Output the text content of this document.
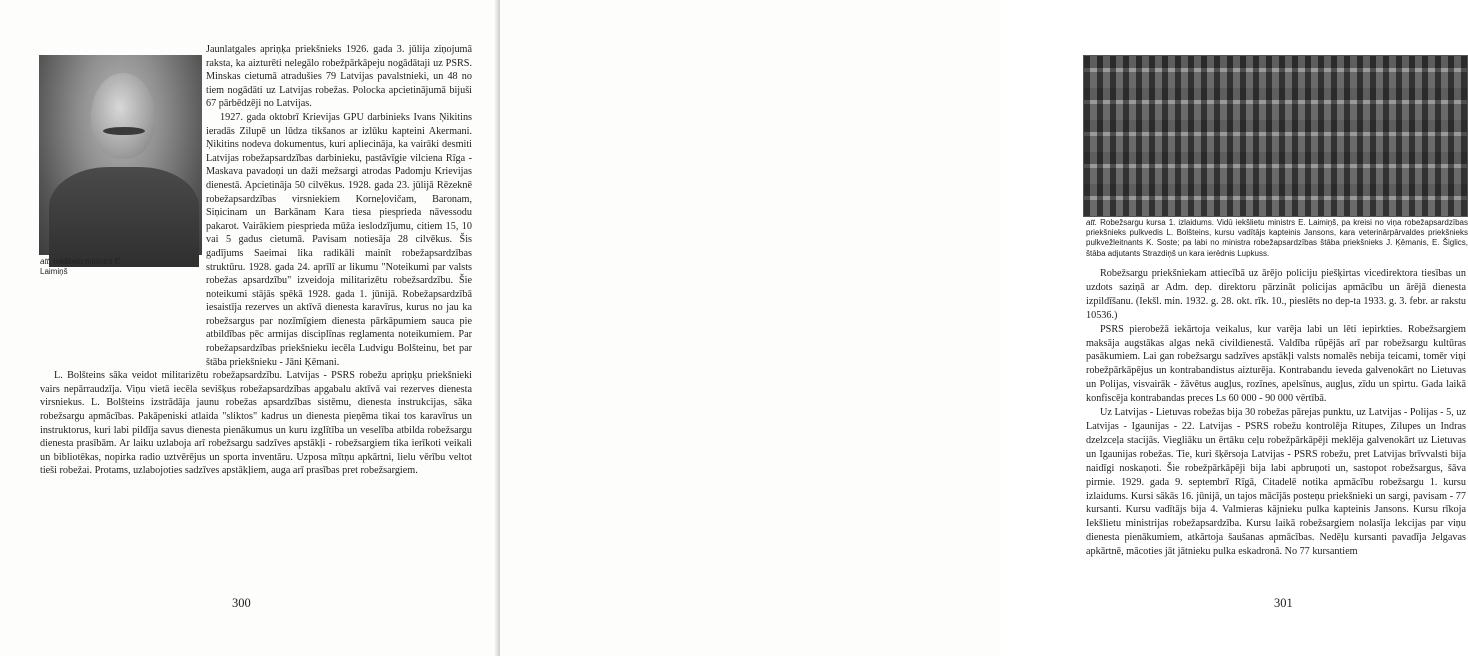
att. Iekšlietu ministrs E. Laimiņš

Jaunlatgales apriņķa priekšnieks 1926. gada 3. jūlija ziņojumā raksta, ka aizturēti nelegālo robežpārkāpeju nogādātaji uz PSRS. Minskas cietumā atradušies 79 Latvijas pavalstnieki, un 48 no tiem nogādāti uz Latvijas robežas. Polocka apcietinājumā bijuši 67 pārbēdzēji no Latvijas.

1927. gada oktobrī Krievijas GPU darbinieks Ivans Ņikitins ieradās Zilupē un lūdza tikšanos ar izlūku kapteini Akermani. Ņikitins nodeva dokumentus, kuri apliecināja, ka vairāki desmiti Latvijas robežapsardzības darbinieku, pastāvīgie vilciena Rīga - Maskava pavadoņi un daži mežsargi atrodas Padomju Krievijas dienestā. Apcietināja 50 cilvēkus. 1928. gada 23. jūlijā Rēzeknē robežapsardzības virsniekiem Korneļovičam, Baronam, Siņicinam un Barkānam Kara tiesa piesprieda nāvessodu pakarot. Vairākiem piesprieda mūža ieslodzījumu, citiem 15, 10 vai 5 gadus cietumā. Pavisam notiesāja 28 cilvēkus. Šis gadījums Saeimai lika radikāli mainīt robežapsardzības struktūru. 1928. gada 24. aprīlī ar likumu "Noteikumi par valsts robežas apsardzību" izveidoja militarizētu robežsardzību. Šie noteikumi stājās spēkā 1928. gada 1. jūnijā. Robežapsardzībā iesaistīja rezerves un aktīvā dienesta karavīrus, kurus no jau ka robežsargus par nozīmīgiem dienesta pārkāpumiem sauca pie atbildības pēc armijas disciplīnas reglamenta noteikumiem. Par robežapsardzības priekšnieku iecēla Ludvigu Bolšteinu, bet par štāba priekšnieku - Jāni Ķēmani.

L. Bolšteins sāka veidot militarizētu robežapsardzību. Latvijas - PSRS robežu apriņķu priekšnieki vairs nepārraudzīja. Viņu vietā iecēla sevišķus robežapsardzības apgabalu aktīvā vai rezerves dienesta virsniekus. L. Bolšteins izstrādāja jaunu robežas apsardzības sistēmu, dienesta instrukcijas, sāka robežsargu apmācības. Pakāpeniski atlaida "sliktos" kadrus un dienesta pieņēma tikai tos karavīrus un instruktorus, kuri labi pildīja savus dienesta pienākumus un kuru izglītība un veselība atbilda robežsargu dienesta prasībām. Ar laiku uzlaboja arī robežsargu sadzīves apstākļi - robežsargiem tika ierīkoti veikali un bibliotēkas, nopirka radio uztvērējus un sporta inventāru. Uzposa mītņu apkārtni, lielu vērību veltot tieši robežai. Protams, uzlabojoties sadzīves apstākļiem, auga arī prasības pret robežsargiem.

300
att. Robežsargu kursa 1. izlaidums. Vidū iekšlietu ministrs E. Laimiņš, pa kreisi no viņa robežapsardzības priekšnieks pulkvedis L. Bolšteins, kursu vadītājs kapteinis Jansons, kara veterinārpārvaldes priekšnieks pulkvežleitnants K. Soste; pa labi no ministra robežapsardzības štāba priekšnieks J. Ķēmanis, E. Šiglics, štāba adjutants Strazdiņš un kara ierēdnis Lupkuss.

Robežsargu priekšniekam attiecībā uz ārējo policiju piešķirtas vicedirektora tiesības un uzdots saziņā ar Adm. dep. direktoru pārzināt policijas apmācību un ārējā dienesta izpildīšanu. (Iekšl. min. 1932. g. 28. okt. rīk. 10., pieslēts no dep-ta 1933. g. 3. febr. ar rakstu 10536.)

PSRS pierobežā iekārtoja veikalus, kur varēja labi un lēti iepirkties. Robežsargiem maksāja augstākas algas nekā civildienestā. Valdība rūpējās arī par robežsargu kultūras pasākumiem. Lai gan robežsargu sadzīves apstākļi valsts nomalēs nebija teicami, tomēr viņi robežpārkāpējus un kontrabandistus aizturēja. Kontrabandu ieveda galvenokārt no Lietuvas un Polijas, visvairāk - žāvētus augļus, rozīnes, apelsīnus, augļus, zīdu un spirtu. Gada laikā konfiscēja kontrabandas preces Ls 60 000 - 90 000 vērtībā.

Uz Latvijas - Lietuvas robežas bija 30 robežas pārejas punktu, uz Latvijas - Polijas - 5, uz Latvijas - Igaunijas - 22. Latvijas - PSRS robežu kontrolēja Ritupes, Zilupes un Indras dzelzceļa stacijās. Viegliāku un ērtāku ceļu robežpārkāpēji meklēja galvenokārt uz Lietuvas un Igaunijas robežas. Tie, kuri šķērsoja Latvijas - PSRS robežu, pret Latvijas brīvvalsti bija naidīgi noskaņoti. Šie robežpārkāpēji bija labi apbruņoti un, sastopot robežsargus, šāva pirmie. 1929. gada 9. septembrī Rīgā, Citadelē notika apmācību robežsargu 1. kursu izlaidums. Kursi sākās 16. jūnijā, un tajos mācījās posteņu priekšnieki un sargi, pavisam - 77 kursanti. Kursu vadītājs bija 4. Valmieras kājnieku pulka kapteinis Jansons. Kursu rīkoja Iekšlietu ministrijas robežapsardzība. Kursu laikā robežsargiem nolasīja lekcijas par viņu dienesta pienākumiem, atkārtoja šaušanas apmācības. Nedēļu kursanti pavadīja Jelgavas apkārtnē, mācoties jāt jātnieku pulka eskadronā. No 77 kursantiem

301
